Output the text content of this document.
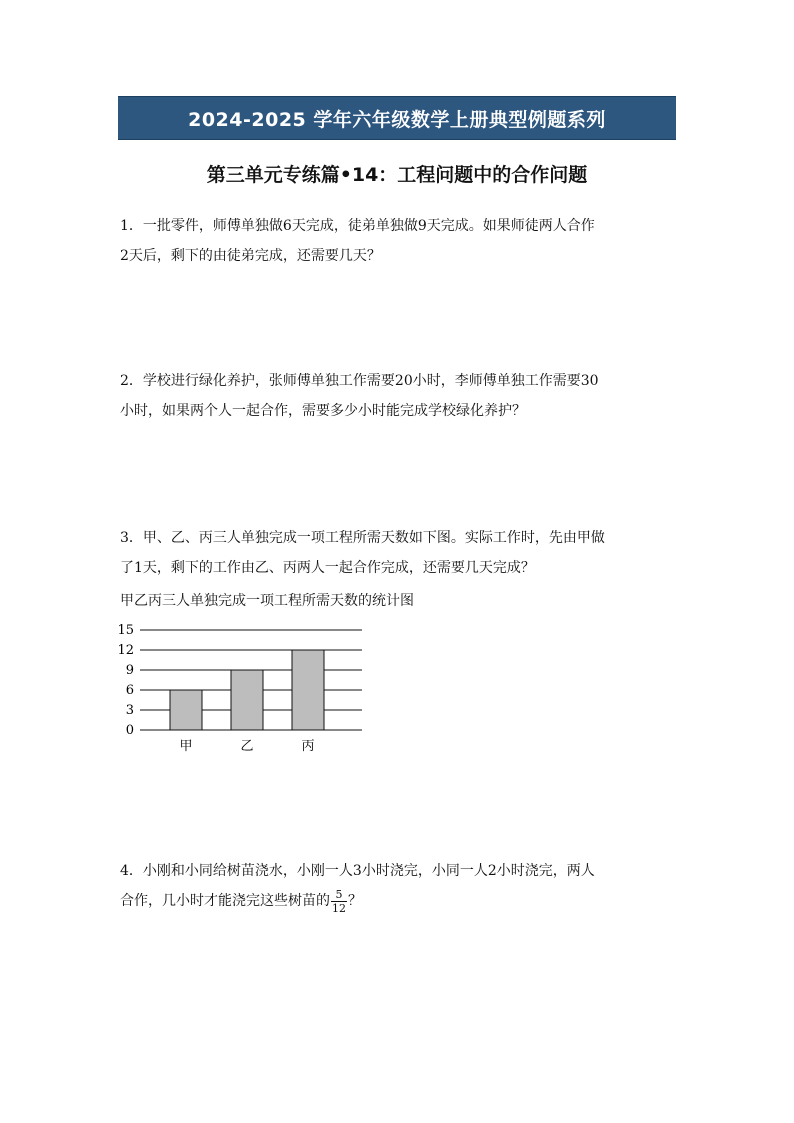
2024-2025 学年六年级数学上册典型例题系列
第三单元专练篇•14：工程问题中的合作问题
1．一批零件，师傅单独做6天完成，徒弟单独做9天完成。如果师徒两人合作
2天后，剩下的由徒弟完成，还需要几天？
2．学校进行绿化养护，张师傅单独工作需要20小时，李师傅单独工作需要30
小时，如果两个人一起合作，需要多少小时能完成学校绿化养护？
3．甲、乙、丙三人单独完成一项工程所需天数如下图。实际工作时，先由甲做
了1天，剩下的工作由乙、丙两人一起合作完成，还需要几天完成？
甲乙丙三人单独完成一项工程所需天数的统计图
0
3
6
9
12
15
甲	乙	丙
4．小刚和小同给树苗浇水，小刚一人3小时浇完，小同一人2小时浇完，两人
合作，几小时才能浇完这些树苗的 $\frac{5}{12}$ ？
